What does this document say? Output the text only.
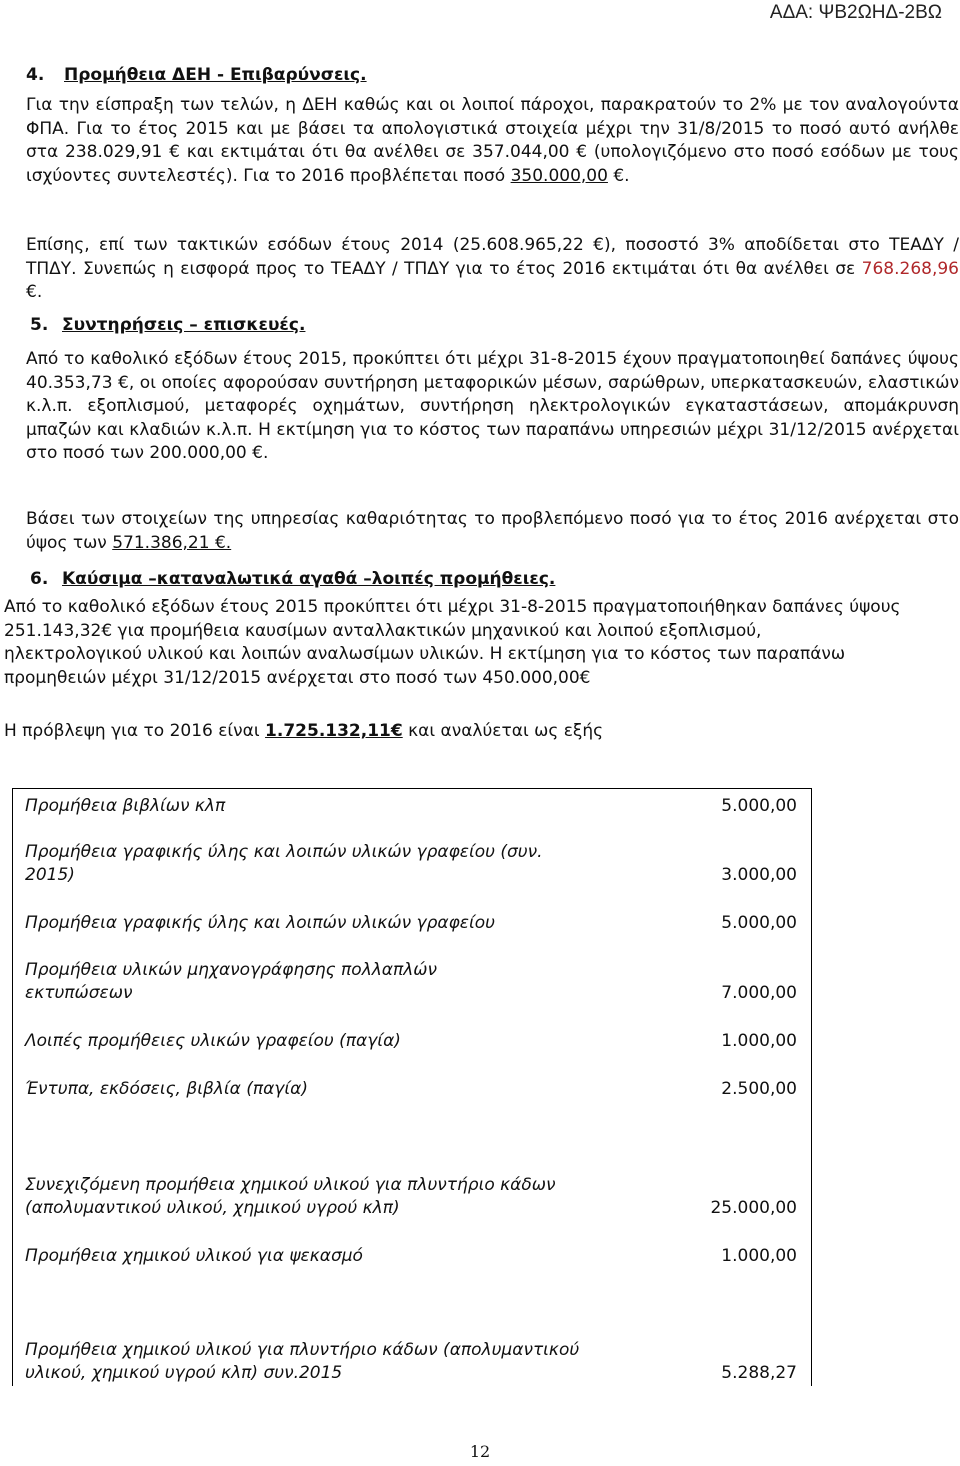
ΑΔΑ: ΨΒ2ΩΗΔ-2ΒΩ
4. Προμήθεια ΔΕΗ - Επιβαρύνσεις.

Για την είσπραξη των τελών, η ΔΕΗ καθώς και οι λοιποί πάροχοι, παρακρατούν το 2% με τον αναλογούντα ΦΠΑ. Για το έτος 2015 και με βάσει τα απολογιστικά στοιχεία μέχρι την 31/8/2015 το ποσό αυτό ανήλθε στα 238.029,91 € και εκτιμάται ότι θα ανέλθει σε 357.044,00 € (υπολογιζόμενο στο ποσό εσόδων με τους ισχύοντες συντελεστές). Για το 2016 προβλέπεται ποσό 350.000,00 €.

Επίσης, επί των τακτικών εσόδων έτους 2014 (25.608.965,22 €), ποσοστό 3% αποδίδεται στο ΤΕΑΔΥ / ΤΠΔΥ. Συνεπώς η εισφορά προς το ΤΕΑΔΥ / ΤΠΔΥ για το έτος 2016 εκτιμάται ότι θα ανέλθει σε 768.268,96 €.

5. Συντηρήσεις – επισκευές.

Από το καθολικό εξόδων έτους 2015, προκύπτει ότι μέχρι 31-8-2015 έχουν πραγματοποιηθεί δαπάνες ύψους 40.353,73 €, οι οποίες αφορούσαν συντήρηση μεταφορικών μέσων, σαρώθρων, υπερκατασκευών, ελαστικών κ.λ.π. εξοπλισμού, μεταφορές οχημάτων, συντήρηση ηλεκτρολογικών εγκαταστάσεων, απομάκρυνση μπαζών και κλαδιών κ.λ.π. Η εκτίμηση για το κόστος των παραπάνω υπηρεσιών μέχρι 31/12/2015 ανέρχεται στο ποσό των 200.000,00 €.

Βάσει των στοιχείων της υπηρεσίας καθαριότητας το προβλεπόμενο ποσό για το έτος 2016 ανέρχεται στο ύψος των 571.386,21 €.

6. Καύσιμα –καταναλωτικά αγαθά –λοιπές προμήθειες.

Από το καθολικό εξόδων έτους 2015 προκύπτει ότι μέχρι 31-8-2015 πραγματοποιήθηκαν δαπάνες ύψους 251.143,32€ για προμήθεια καυσίμων ανταλλακτικών μηχανικού και λοιπού εξοπλισμού, ηλεκτρολογικού υλικού και λοιπών αναλωσίμων υλικών. Η εκτίμηση για το κόστος των παραπάνω προμηθειών μέχρι 31/12/2015 ανέρχεται στο ποσό των 450.000,00€

Η πρόβλεψη για το 2016 είναι 1.725.132,11€ και αναλύεται ως εξής

Προμήθεια βιβλίων κλπ	5.000,00
Προμήθεια γραφικής ύλης και λοιπών υλικών γραφείου (συν. 2015)	3.000,00
Προμήθεια γραφικής ύλης και λοιπών υλικών γραφείου	5.000,00
Προμήθεια υλικών μηχανογράφησης πολλαπλών εκτυπώσεων	7.000,00
Λοιπές προμήθειες υλικών γραφείου (παγία)	1.000,00
Έντυπα, εκδόσεις, βιβλία (παγία)	2.500,00
Συνεχιζόμενη προμήθεια χημικού υλικού για πλυντήριο κάδων (απολυμαντικού υλικού, χημικού υγρού κλπ)	25.000,00
Προμήθεια χημικού υλικού για ψεκασμό	1.000,00
Προμήθεια χημικού υλικού για πλυντήριο κάδων (απολυμαντικού υλικού, χημικού υγρού κλπ) συν.2015	5.288,27
12
